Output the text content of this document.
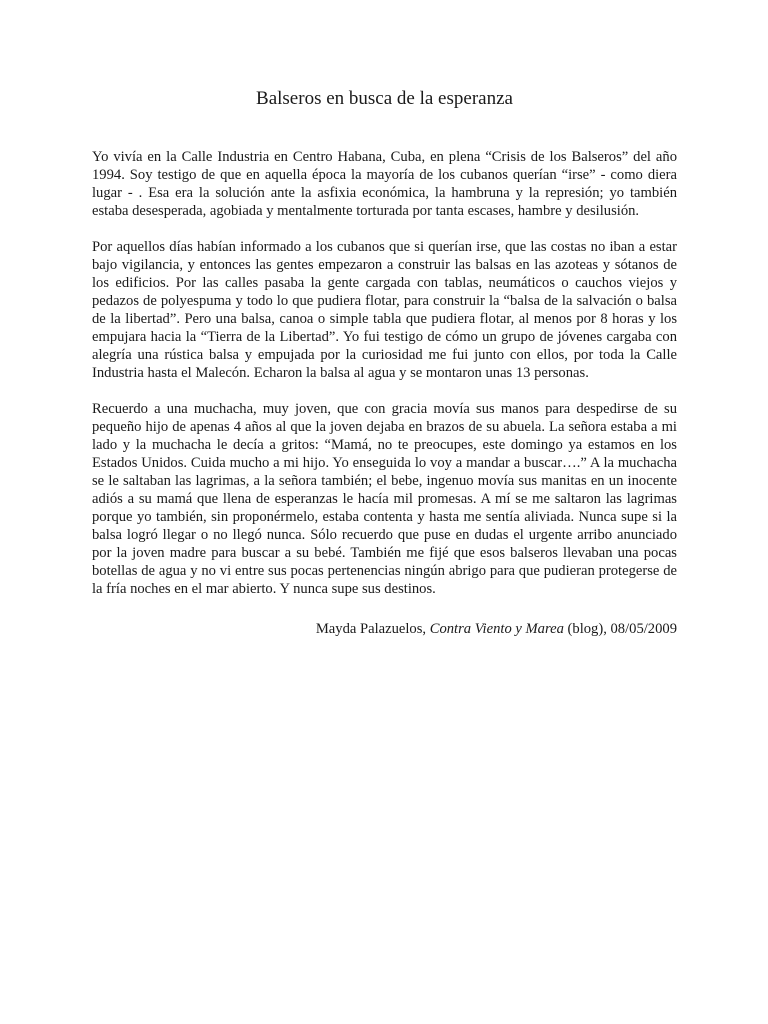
Balseros en busca de la esperanza

Yo vivía en la Calle Industria en Centro Habana, Cuba, en plena “Crisis de los Balseros” del año 1994. Soy testigo de que en aquella época la mayoría de los cubanos querían “irse” - como diera lugar - . Esa era la solución ante la asfixia económica, la hambruna y la represión; yo también estaba desesperada, agobiada y mentalmente torturada por tanta escases, hambre y desilusión.

Por aquellos días habían informado a los cubanos que si querían irse, que las costas no iban a estar bajo vigilancia, y entonces las gentes empezaron a construir las balsas en las azoteas y sótanos de los edificios. Por las calles pasaba la gente cargada con tablas, neumáticos o cauchos viejos y pedazos de polyespuma y todo lo que pudiera flotar, para construir la “balsa de la salvación o balsa de la libertad”. Pero una balsa, canoa o simple tabla que pudiera flotar, al menos por 8 horas y los empujara hacia la “Tierra de la Libertad”. Yo fui testigo de cómo un grupo de jóvenes cargaba con alegría una rústica balsa y empujada por la curiosidad me fui junto con ellos, por toda la Calle Industria hasta el Malecón. Echaron la balsa al agua y se montaron unas 13 personas.

Recuerdo a una muchacha, muy joven, que con gracia movía sus manos para despedirse de su pequeño hijo de apenas 4 años al que la joven dejaba en brazos de su abuela. La señora estaba a mi lado y la muchacha le decía a gritos: “Mamá, no te preocupes, este domingo ya estamos en los Estados Unidos. Cuida mucho a mi hijo. Yo enseguida lo voy a mandar a buscar….” A la muchacha se le saltaban las lagrimas, a la señora también; el bebe, ingenuo movía sus manitas en un inocente adiós a su mamá que llena de esperanzas le hacía mil promesas. A mí se me saltaron las lagrimas porque yo también, sin proponérmelo, estaba contenta y hasta me sentía aliviada. Nunca supe si la balsa logró llegar o no llegó nunca. Sólo recuerdo que puse en dudas el urgente arribo anunciado por la joven madre para buscar a su bebé. También me fijé que esos balseros llevaban una pocas botellas de agua y no vi entre sus pocas pertenencias ningún abrigo para que pudieran protegerse de la fría noches en el mar abierto. Y nunca supe sus destinos.

Mayda Palazuelos, Contra Viento y Marea (blog), 08/05/2009
